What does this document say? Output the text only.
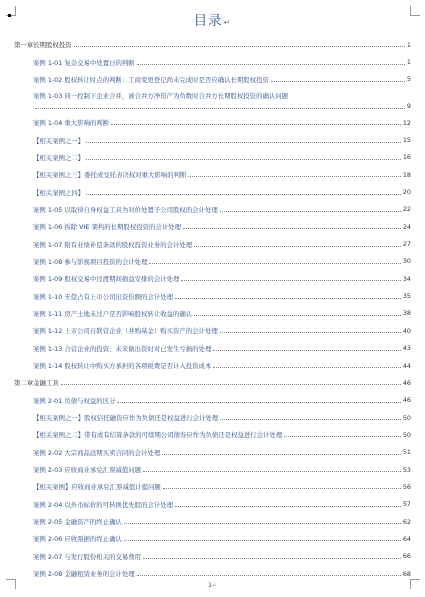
目录↵
第一章长期股权投资	1
案例 1-01 复杂交易中处置日的判断	1
案例 1-02 股权转让时点的判断：工商变更登记尚未完成时是否应确认长期股权投资	5
案例 1-03 同一控制下企业合并，被合并方净资产为负数时合并方长期股权投资的确认问题
9
案例 1-04 重大影响的判断	12
【相关案例之一】	15
【相关案例之二】	16
【相关案例之三】委托或受托表决权对重大影响的判断	18
【相关案例之四】	20
案例 1-05 以取得自身权益工具为对价处置子公司股权的会计处理	22
案例 1-06 拆除 VIE 架构的长期股权投资的会计处理	24
案例 1-07 附有业绩补偿条款的股权投资业务的会计处理	27
案例 1-08 参与影视项目投资的会计处理	30
案例 1-09 股权交易中过渡期间损益安排的会计处理	34
案例 1-10 无偿占有上市公司出资份额的会计处理	35
案例 1-11 房产土地未过户是否影响股权转让收益的确认	38
案例 1-12 上市公司自联营企业（并购基金）购买资产的会计处理	40
案例 1-13 合营企业的投资，未来做出资时对已发生亏损的处理	43
案例 1-14 股权转让中购买方承担的各项税费是否计入投资成本	44
第二章金融工具	46
案例 2-01 负债与权益的区分	46
【相关案例之一】股权信托融资应作为负债还是权益进行会计处理	50
【相关案例之二】带有或有结算条款的可续期公司债券应作为负债还是权益进行会计处理	50
案例 2-02 大宗商品远期买卖合同的会计处理	51
案例 2-03 应收商业承兑汇票减值问题	53
【相关案例】应收商业承兑汇票减值计提问题	56
案例 2-04 以外币标价的可转换优先股的会计处理	57
案例 2-05 金融资产的终止确认	62
案例 2-06 应收票据的终止确认	64
案例 2-07 与发行股份相关的交易费用	66
案例 2-08 金融租赁业务的会计处理	68
1↵
